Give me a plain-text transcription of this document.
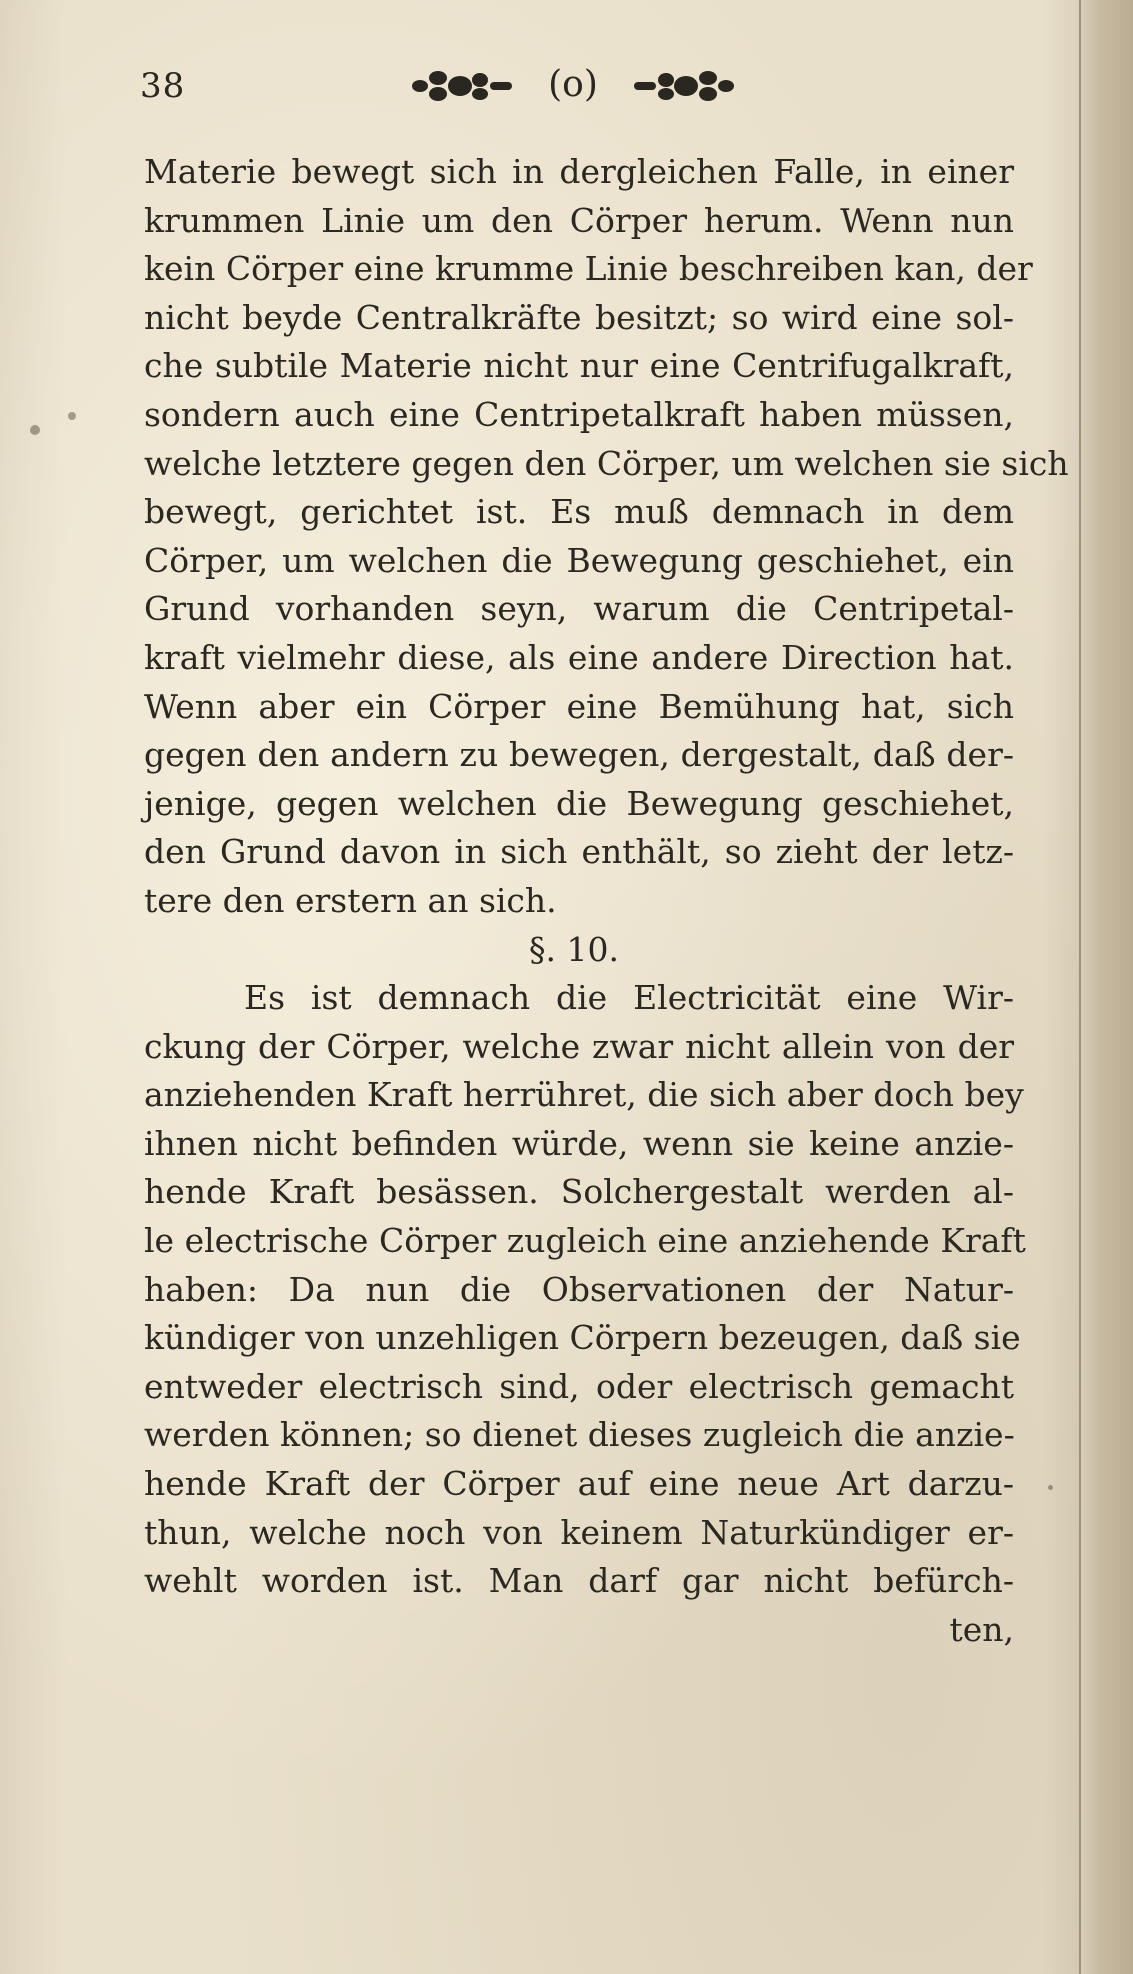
38	(o)
Materie bewegt sich in dergleichen Falle, in einer
krummen Linie um den Cörper herum. Wenn nun
kein Cörper eine krumme Linie beschreiben kan, der
nicht beyde Centralkräfte besitzt; so wird eine sol-
che subtile Materie nicht nur eine Centrifugalkraft,
sondern auch eine Centripetalkraft haben müssen,
welche letztere gegen den Cörper, um welchen sie sich
bewegt, gerichtet ist. Es muß demnach in dem
Cörper, um welchen die Bewegung geschiehet, ein
Grund vorhanden seyn, warum die Centripetal-
kraft vielmehr diese, als eine andere Direction hat.
Wenn aber ein Cörper eine Bemühung hat, sich
gegen den andern zu bewegen, dergestalt, daß der-
jenige, gegen welchen die Bewegung geschiehet,
den Grund davon in sich enthält, so zieht der letz-
tere den erstern an sich.
§. 10.
Es ist demnach die Electricität eine Wir-
ckung der Cörper, welche zwar nicht allein von der
anziehenden Kraft herrühret, die sich aber doch bey
ihnen nicht befinden würde, wenn sie keine anzie-
hende Kraft besässen. Solchergestalt werden al-
le electrische Cörper zugleich eine anziehende Kraft
haben: Da nun die Observationen der Natur-
kündiger von unzehligen Cörpern bezeugen, daß sie
entweder electrisch sind, oder electrisch gemacht
werden können; so dienet dieses zugleich die anzie-
hende Kraft der Cörper auf eine neue Art darzu-
thun, welche noch von keinem Naturkündiger er-
wehlt worden ist. Man darf gar nicht befürch-
ten,
